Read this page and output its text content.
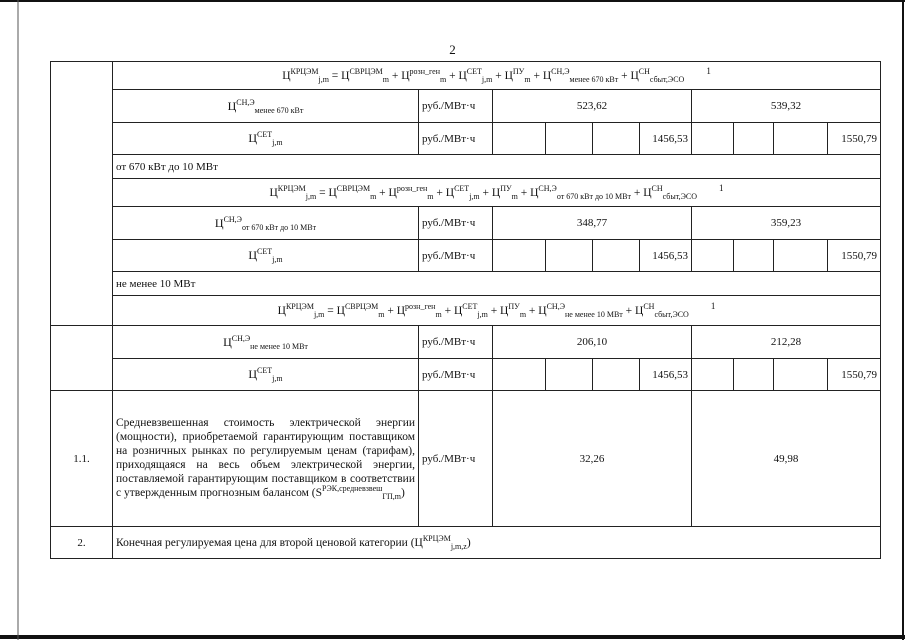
2
	$Ц^{КРЦЭМ}_{j,m} = Ц^{СВРЦЭМ}_m + Ц^{розн\_ген}_m + Ц^{СЕТ}_{j,m} + Ц^{ПУ}_m + Ц^{СН,Э}_{менее 670 кВт} + Ц^{СН}_{сбыт,ЭСО}^1$
	$Ц^{СН,Э}_{менее 670 кВт}$	руб./МВт·ч	523,62				539,32			
	$Ц^{СЕТ}_{j,m}$	руб./МВт·ч				1456,53				1550,79
	от 670 кВт до 10 МВт									
	$Ц^{КРЦЭМ}_{j,m} = Ц^{СВРЦЭМ}_m + Ц^{розн\_ген}_m + Ц^{СЕТ}_{j,m} + Ц^{ПУ}_m + Ц^{СН,Э}_{от 670 кВт до 10 МВт} + Ц^{СН}_{сбыт,ЭСО}^1$
	$Ц^{СН,Э}_{от 670 кВт до 10 МВт}$	руб./МВт·ч	348,77				359,23			
	$Ц^{СЕТ}_{j,m}$	руб./МВт·ч				1456,53				1550,79
	не менее 10 МВт									
	$Ц^{КРЦЭМ}_{j,m} = Ц^{СВРЦЭМ}_m + Ц^{розн\_ген}_m + Ц^{СЕТ}_{j,m} + Ц^{ПУ}_m + Ц^{СН,Э}_{не менее 10 МВт} + Ц^{СН}_{сбыт,ЭСО}^1$
	$Ц^{СН,Э}_{не менее 10 МВт}$	руб./МВт·ч	206,10				212,28			
	$Ц^{СЕТ}_{j,m}$	руб./МВт·ч				1456,53				1550,79
1.1.	Средневзвешенная стоимость электрической энергии (мощности), приобретаемой гарантирующим поставщиком на розничных рынках по регулируемым ценам (тарифам), приходящаяся на весь объем электрической энергии, поставляемой гарантирующим поставщиком в соответствии с утвержденным прогнозным балансом $(S^{РЭК,средневзвеш}_{ГП,m})$	руб./МВт·ч	32,26				49,98			
2.	Конечная регулируемая цена для второй ценовой категории $(Ц^{КРЦЭМ}_{j,m,z})$									
